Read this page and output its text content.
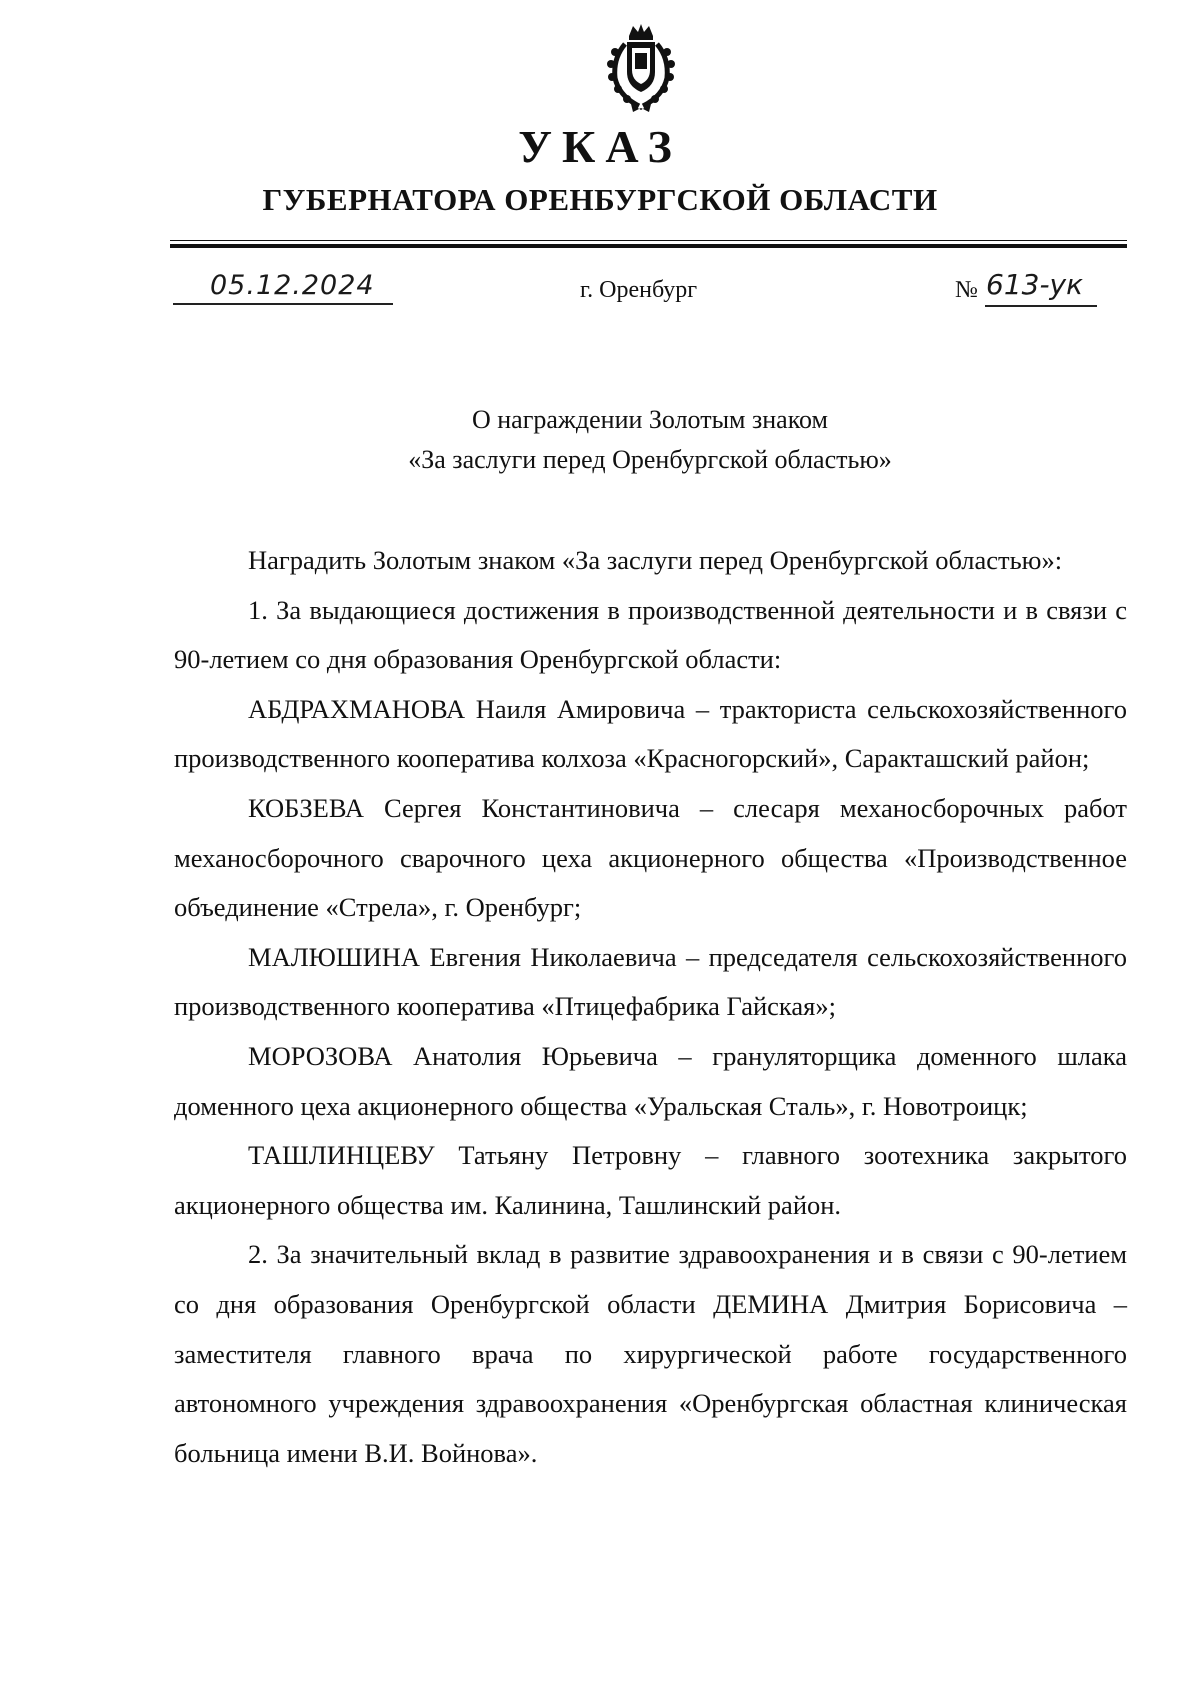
УКАЗ
ГУБЕРНАТОРА ОРЕНБУРГСКОЙ ОБЛАСТИ
05.12.2024	г. Оренбург	№ 613-ук
О награждении Золотым знаком
«За заслуги перед Оренбургской областью»

Наградить Золотым знаком «За заслуги перед Оренбургской областью»:

1. За выдающиеся достижения в производственной деятельности и в связи с 90-летием со дня образования Оренбургской области:

АБДРАХМАНОВА Наиля Амировича – тракториста сельскохозяйственного производственного кооператива колхоза «Красногорский», Саракташский район;

КОБЗЕВА Сергея Константиновича – слесаря механосборочных работ механосборочного сварочного цеха акционерного общества «Производственное объединение «Стрела», г. Оренбург;

МАЛЮШИНА Евгения Николаевича – председателя сельскохозяйственного производственного кооператива «Птицефабрика Гайская»;

МОРОЗОВА Анатолия Юрьевича – грануляторщика доменного шлака доменного цеха акционерного общества «Уральская Сталь», г. Новотроицк;

ТАШЛИНЦЕВУ Татьяну Петровну – главного зоотехника закрытого акционерного общества им. Калинина, Ташлинский район.

2. За значительный вклад в развитие здравоохранения и в связи с 90-летием со дня образования Оренбургской области ДЕМИНА Дмитрия Борисовича – заместителя главного врача по хирургической работе государственного автономного учреждения здравоохранения «Оренбургская областная клиническая больница имени В.И. Войнова».
